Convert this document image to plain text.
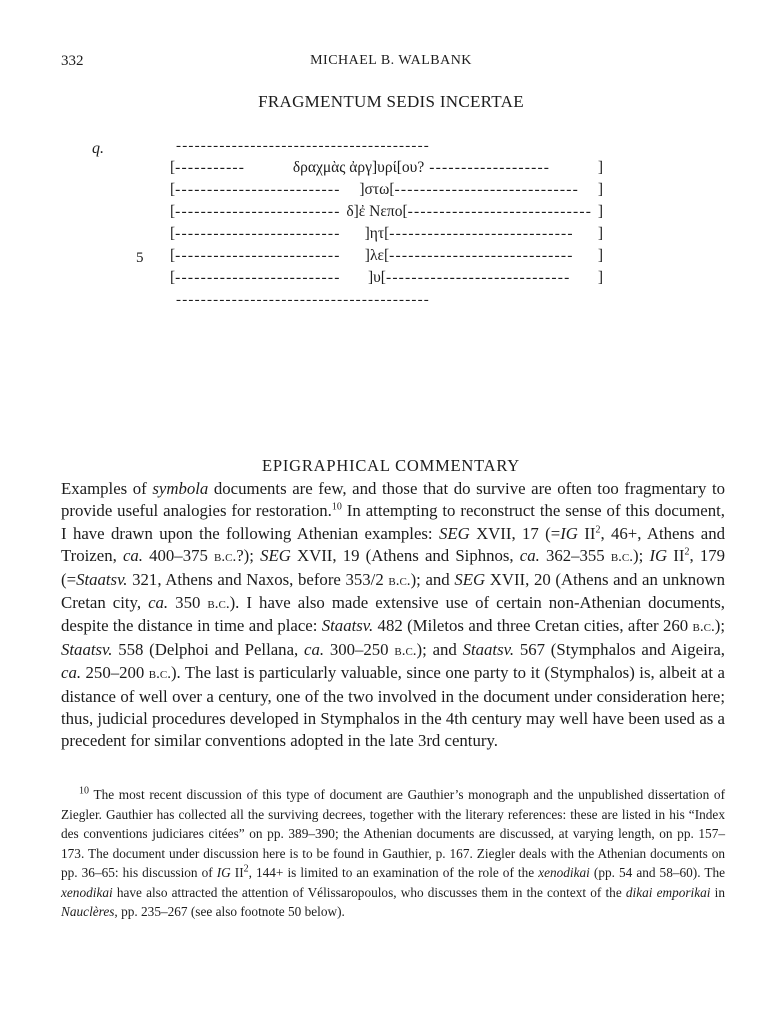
332	MICHAEL B. WALBANK
FRAGMENTUM SEDIS INCERTAE
q.
5
-----------------------------------------
[ -----------	δραχμὰς ἀργ]υρί[ου? -------------------	]
[ --------------------------	]στω[ -----------------------------	]
[ -------------------------- δ]ἐ Νεπο[ ----------------------------- ]
[ --------------------------	]ητ[ -----------------------------	]
[ --------------------------	]λε[ -----------------------------	]
[ --------------------------	]υ[ -----------------------------	]
-----------------------------------------
EPIGRAPHICAL COMMENTARY

Examples of symbola documents are few, and those that do survive are often too fragmentary to provide useful analogies for restoration.$^{10}$ In attempting to reconstruct the sense of this document, I have drawn upon the following Athenian examples: SEG XVII, 17 (=IG $II^2$, 46+, Athens and Troizen, ca. 400–375 b.c.?); SEG XVII, 19 (Athens and Siphnos, ca. 362–355 b.c.); IG $II^2$, 179 (=Staatsv. 321, Athens and Naxos, before 353/2 b.c.); and SEG XVII, 20 (Athens and an unknown Cretan city, ca. 350 b.c.). I have also made extensive use of certain non-Athenian documents, despite the distance in time and place: Staatsv. 482 (Miletos and three Cretan cities, after 260 b.c.); Staatsv. 558 (Delphoi and Pellana, ca. 300–250 b.c.); and Staatsv. 567 (Stymphalos and Aigeira, ca. 250–200 b.c.). The last is particularly valuable, since one party to it (Stymphalos) is, albeit at a distance of well over a century, one of the two involved in the document under consideration here; thus, judicial procedures developed in Stymphalos in the 4th century may well have been used as a precedent for similar conventions adopted in the late 3rd century.

$^{10}$ The most recent discussion of this type of document are Gauthier’s monograph and the unpublished dissertation of Ziegler. Gauthier has collected all the surviving decrees, together with the literary references: these are listed in his “Index des conventions judiciares citées” on pp. 389–390; the Athenian documents are discussed, at varying length, on pp. 157–173. The document under discussion here is to be found in Gauthier, p. 167. Ziegler deals with the Athenian documents on pp. 36–65: his discussion of IG $II^2$, 144+ is limited to an examination of the role of the xenodikai (pp. 54 and 58–60). The xenodikai have also attracted the attention of Vélissaropoulos, who discusses them in the context of the dikai emporikai in Nauclères, pp. 235–267 (see also footnote 50 below).
